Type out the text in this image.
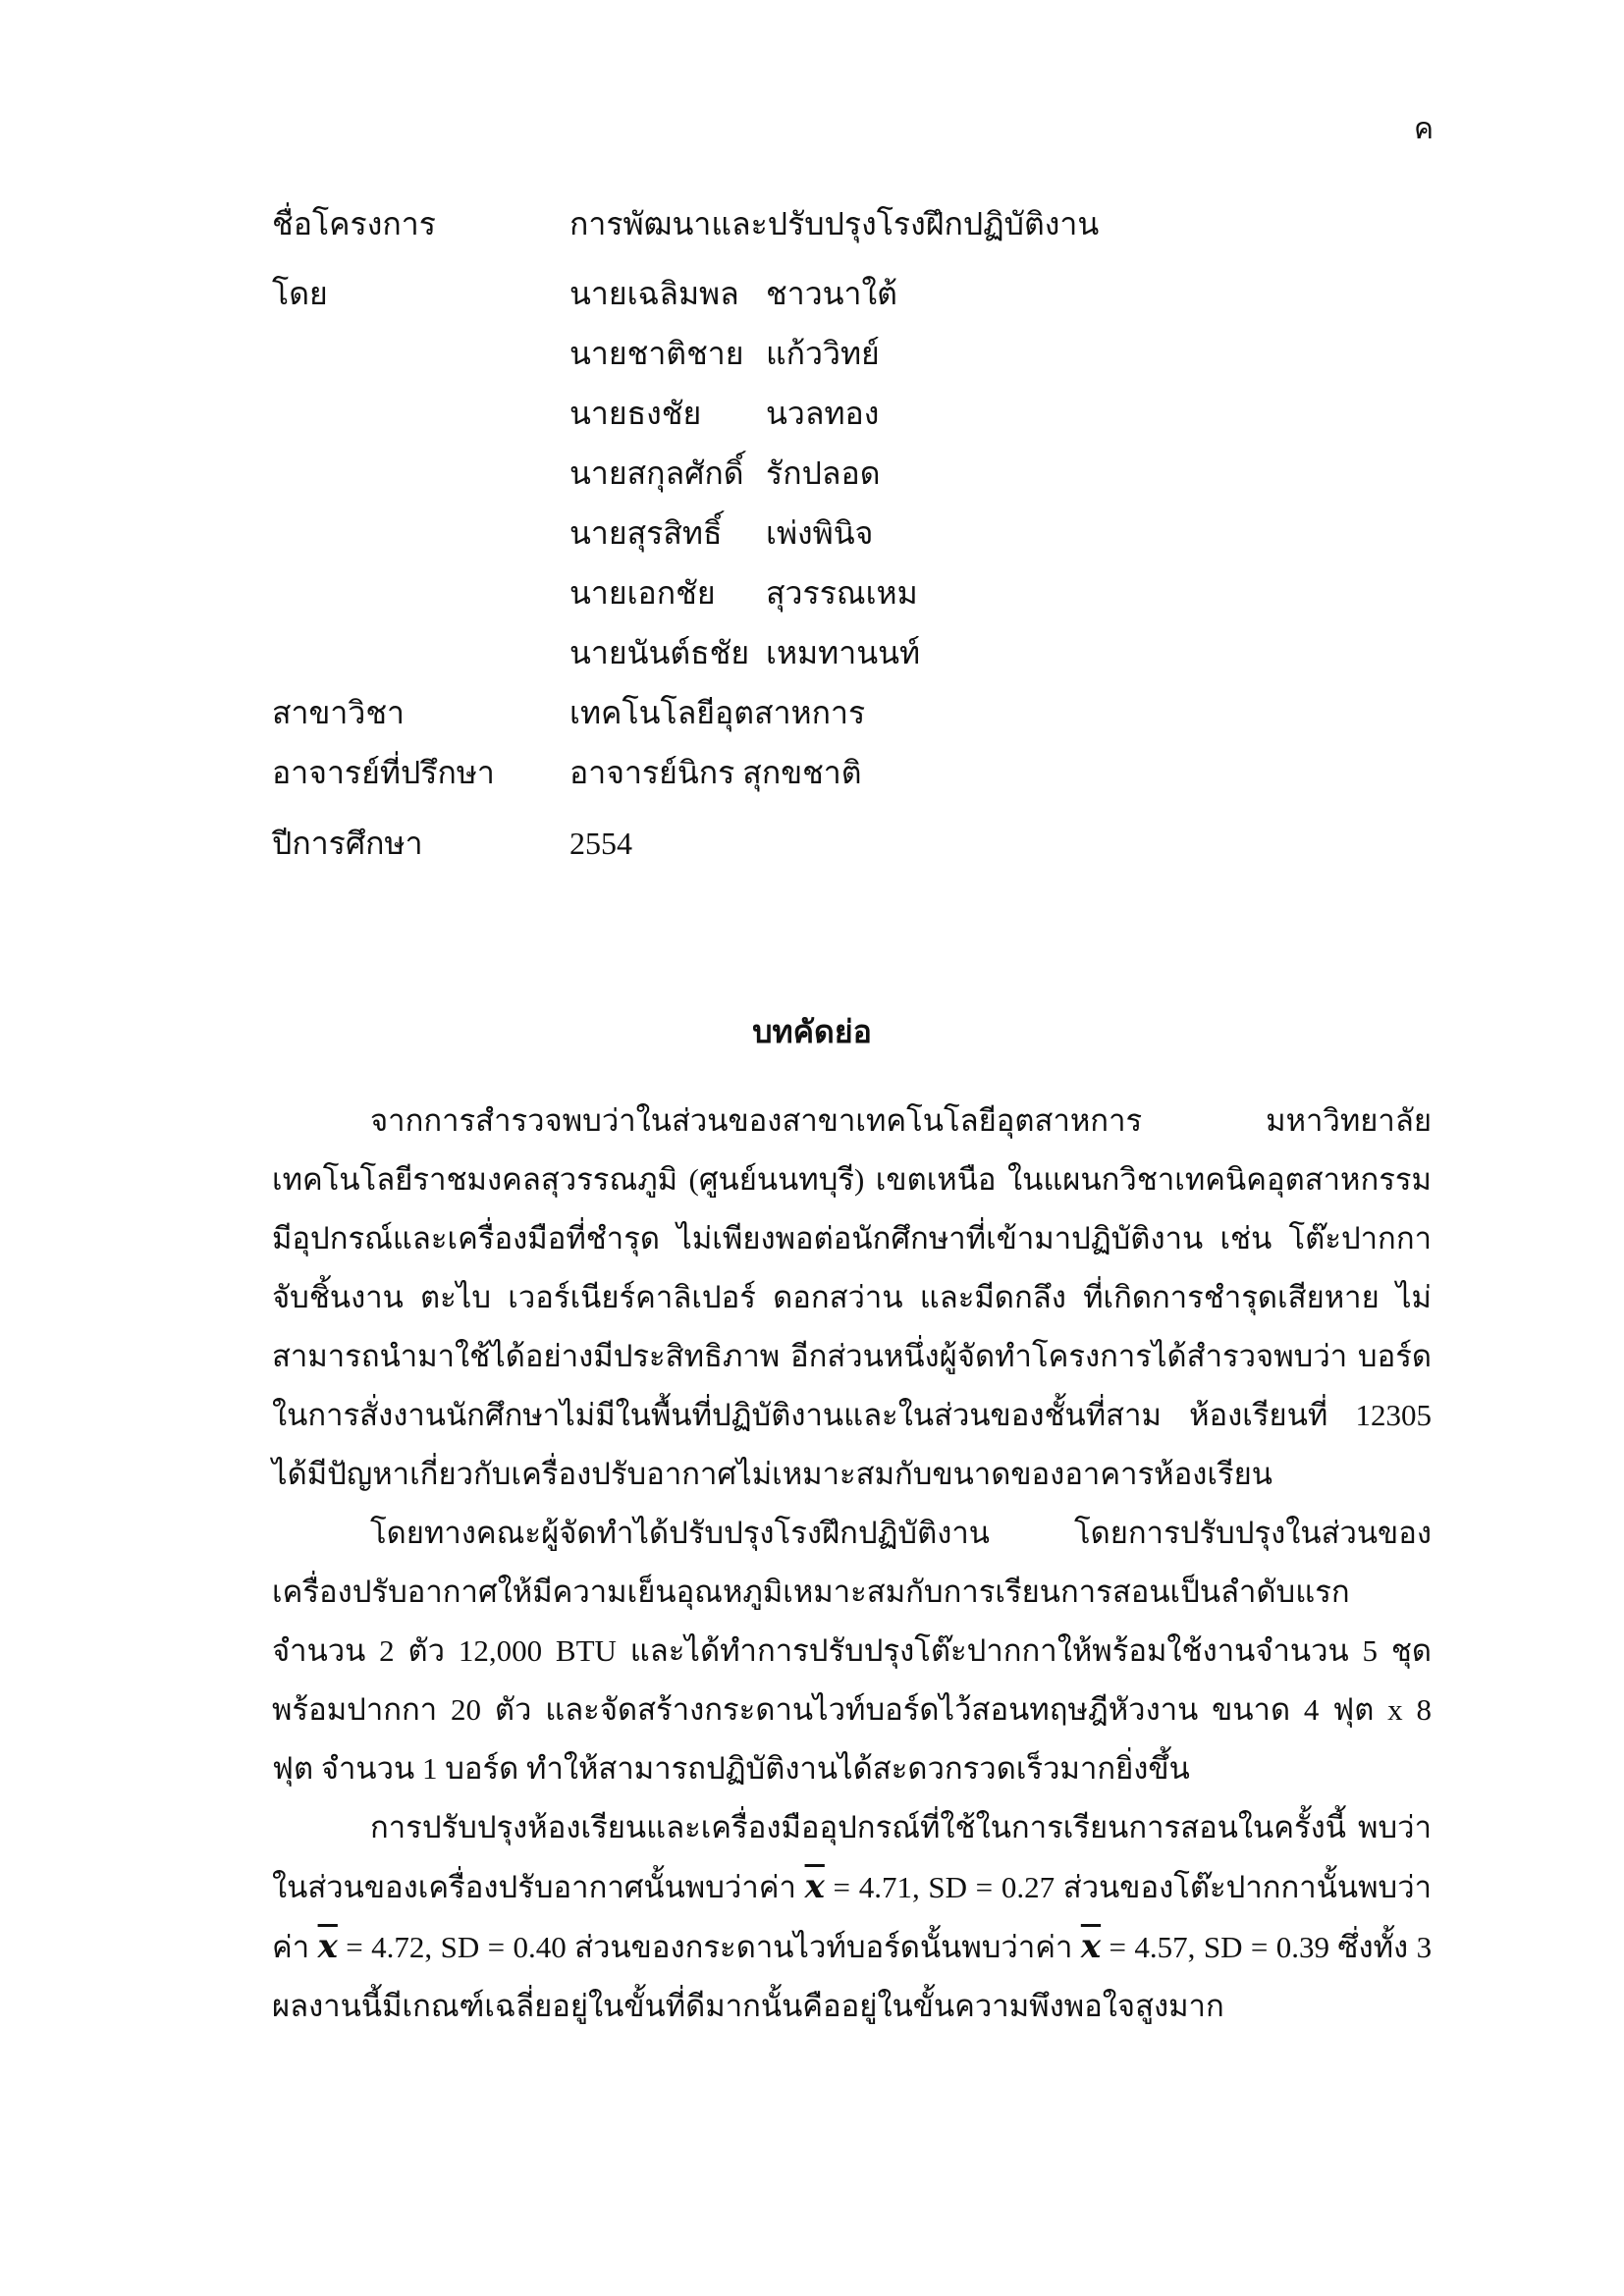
ค
ชื่อโครงการ	การพัฒนาและปรับปรุงโรงฝึกปฏิบัติงาน
โดย	นายเฉลิมพล ชาวนาใต้
นายชาติชาย แก้ววิทย์
นายธงชัย นวลทอง
นายสกุลศักดิ์ รักปลอด
นายสุรสิทธิ์ เพ่งพินิจ
นายเอกชัย สุวรรณเหม
นายนันต์ธชัย เหมทานนท์
สาขาวิชา	เทคโนโลยีอุตสาหการ
อาจารย์ที่ปรึกษา อาจารย์นิกร สุกขชาติ
ปีการศึกษา	2554
บทคัดย่อ

จากการสำรวจพบว่าในส่วนของสาขาเทคโนโลยีอุตสาหการ มหาวิทยาลัยเทคโนโลยีราชมงคลสุวรรณภูมิ (ศูนย์นนทบุรี) เขตเหนือ ในแผนกวิชาเทคนิคอุตสาหกรรม มีอุปกรณ์และเครื่องมือที่ชำรุด ไม่เพียงพอต่อนักศึกษาที่เข้ามาปฏิบัติงาน เช่น โต๊ะปากกาจับชิ้นงาน ตะไบ เวอร์เนียร์คาลิเปอร์ ดอกสว่าน และมีดกลึง ที่เกิดการชำรุดเสียหาย ไม่สามารถนำมาใช้ได้อย่างมีประสิทธิภาพ อีกส่วนหนึ่งผู้จัดทำโครงการได้สำรวจพบว่า บอร์ดในการสั่งงานนักศึกษาไม่มีในพื้นที่ปฏิบัติงานและในส่วนของชั้นที่สาม ห้องเรียนที่ 12305 ได้มีปัญหาเกี่ยวกับเครื่องปรับอากาศไม่เหมาะสมกับขนาดของอาคารห้องเรียน

โดยทางคณะผู้จัดทำได้ปรับปรุงโรงฝึกปฏิบัติงาน โดยการปรับปรุงในส่วนของเครื่องปรับอากาศให้มีความเย็นอุณหภูมิเหมาะสมกับการเรียนการสอนเป็นลำดับแรกจำนวน 2 ตัว 12,000 BTU และได้ทำการปรับปรุงโต๊ะปากกาให้พร้อมใช้งานจำนวน 5 ชุดพร้อมปากกา 20 ตัว และจัดสร้างกระดานไวท์บอร์ดไว้สอนทฤษฎีหัวงาน ขนาด 4 ฟุต x 8 ฟุต จำนวน 1 บอร์ด ทำให้สามารถปฏิบัติงานได้สะดวกรวดเร็วมากยิ่งขึ้น

การปรับปรุงห้องเรียนและเครื่องมืออุปกรณ์ที่ใช้ในการเรียนการสอนในครั้งนี้ พบว่าในส่วนของเครื่องปรับอากาศนั้นพบว่าค่า $\overline{x} = 4.71$, SD = 0.27 ส่วนของโต๊ะปากกานั้นพบว่าค่า $\overline{x} = 4.72$, SD = 0.40 ส่วนของกระดานไวท์บอร์ดนั้นพบว่าค่า $\overline{x} = 4.57$, SD = 0.39 ซึ่งทั้ง 3 ผลงานนี้มีเกณฑ์เฉลี่ยอยู่ในขั้นที่ดีมากนั้นคืออยู่ในขั้นความพึงพอใจสูงมาก
